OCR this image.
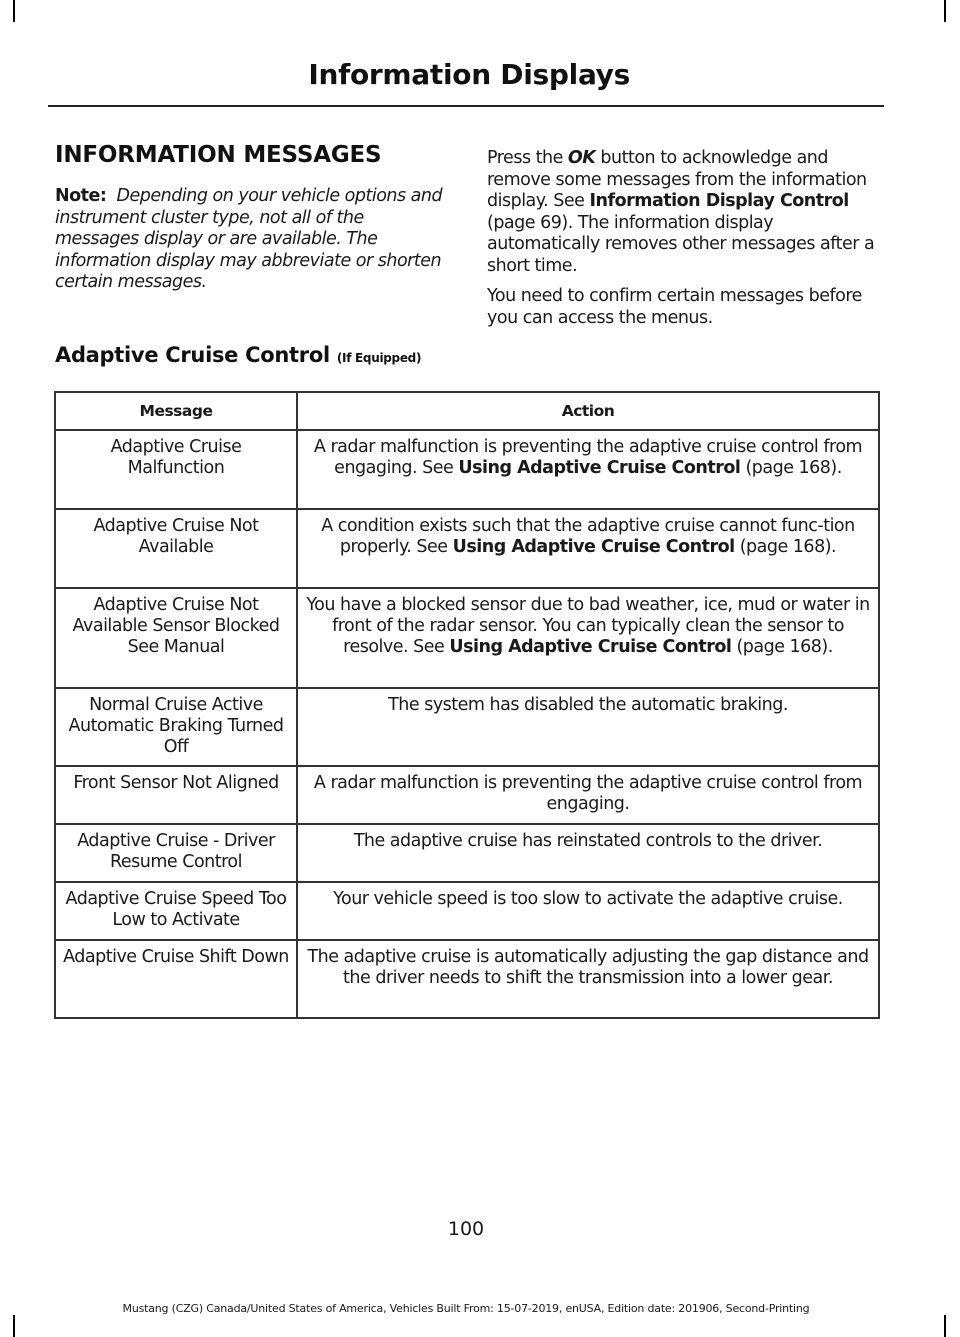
Information Displays
INFORMATION MESSAGES
Note: Depending on your vehicle options and instrument cluster type, not all of the messages display or are available. The information display may abbreviate or shorten certain messages.

Press the OK button to acknowledge and remove some messages from the information display. See Information Display Control (page 69). The information display automatically removes other messages after a short time.

You need to confirm certain messages before you can access the menus.

Adaptive Cruise Control (If Equipped)
Message	Action
Adaptive Cruise Malfunction	A radar malfunction is preventing the adaptive cruise control from engaging. See Using Adaptive Cruise Control (page 168).
Adaptive Cruise Not Available	A condition exists such that the adaptive cruise cannot func-tion properly. See Using Adaptive Cruise Control (page 168).
Adaptive Cruise Not Available Sensor Blocked See Manual	You have a blocked sensor due to bad weather, ice, mud or water in front of the radar sensor. You can typically clean the sensor to resolve. See Using Adaptive Cruise Control (page 168).
Normal Cruise Active Automatic Braking Turned Off	The system has disabled the automatic braking.
Front Sensor Not Aligned	A radar malfunction is preventing the adaptive cruise control from engaging.
Adaptive Cruise - Driver Resume Control	The adaptive cruise has reinstated controls to the driver.
Adaptive Cruise Speed Too Low to Activate	Your vehicle speed is too slow to activate the adaptive cruise.
Adaptive Cruise Shift Down	The adaptive cruise is automatically adjusting the gap distance and the driver needs to shift the transmission into a lower gear.
100
Mustang (CZG) Canada/United States of America, Vehicles Built From: 15-07-2019, enUSA, Edition date: 201906, Second-Printing
